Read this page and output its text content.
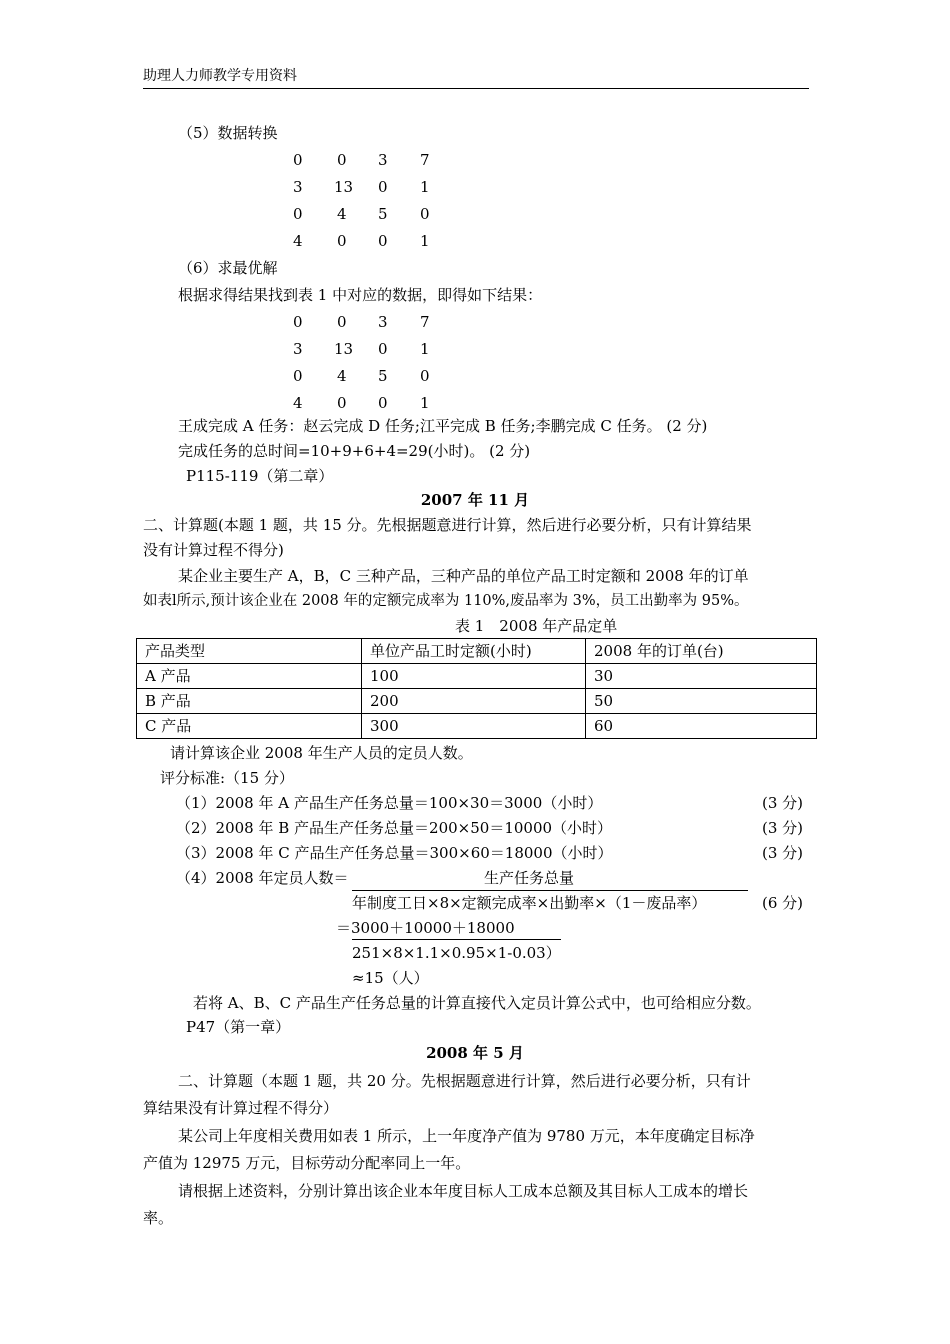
助理人力师教学专用资料
（5）数据转换
0	0	3	7
3	13	0	1
0	4	5	0
4	0	0	1
（6）求最优解
根据求得结果找到表 1 中对应的数据，即得如下结果：
0	0	3	7
3	13	0	1
0	4	5	0
4	0	0	1
王成完成 A 任务：赵云完成 D 任务;江平完成 B 任务;李鹏完成 C 任务。 (2 分)
完成任务的总时间=10+9+6+4=29(小时)。 (2 分)
P115-119（第二章）
2007 年 11 月
二、计算题(本题 1 题，共 15 分。先根据题意进行计算，然后进行必要分析，只有计算结果
没有计算过程不得分)
某企业主要生产 A，B，C 三种产品，三种产品的单位产品工时定额和 2008 年的订单
如表l所示,预计该企业在 2008 年的定额完成率为 110%,废品率为 3%，员工出勤率为 95%。
表 1　2008 年产品定单
产品类型	单位产品工时定额(小时)	2008 年的订单(台)
A 产品	100	30
B 产品	200	50
C 产品	300	60
请计算该企业 2008 年生产人员的定员人数。
评分标准:（15 分）
（1）2008 年 A 产品生产任务总量＝100×30＝3000（小时）	(3 分)
（2）2008 年 B 产品生产任务总量＝200×50＝10000（小时）	(3 分)
（3）2008 年 C 产品生产任务总量＝300×60＝18000（小时）	(3 分)
（4）2008 年定员人数＝	生产任务总量
年制度工日×8×定额完成率×出勤率×（1－废品率）	(6 分)
＝3000＋10000＋18000
251×8×1.1×0.95×1-0.03）
≈15（人）
若将 A、B、C 产品生产任务总量的计算直接代入定员计算公式中，也可给相应分数。
P47（第一章）
2008 年 5 月
二、计算题（本题 1 题，共 20 分。先根据题意进行计算，然后进行必要分析，只有计
算结果没有计算过程不得分）
某公司上年度相关费用如表 1 所示，上一年度净产值为 9780 万元，本年度确定目标净
产值为 12975 万元，目标劳动分配率同上一年。
请根据上述资料，分别计算出该企业本年度目标人工成本总额及其目标人工成本的增长
率。
